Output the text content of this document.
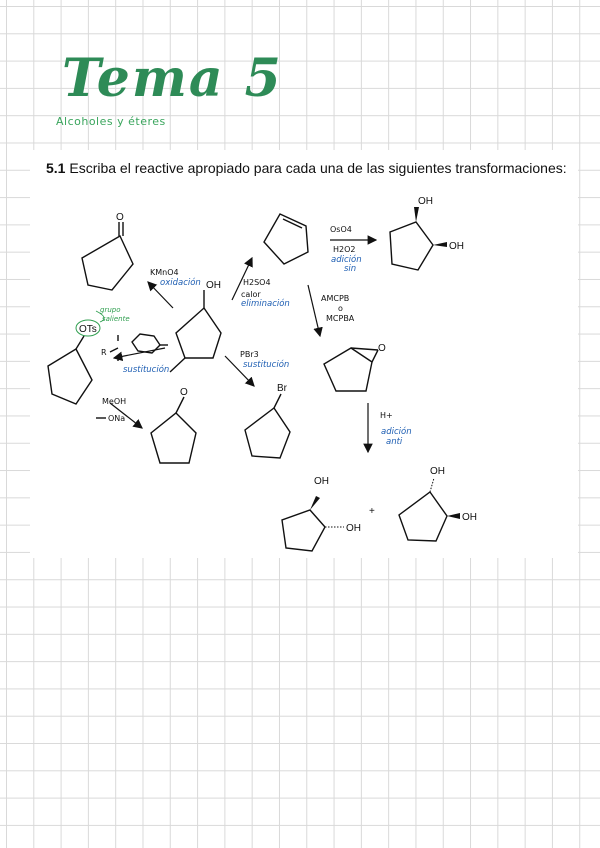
Tema 5

Alcoholes y éteres

5.1 Escriba el reactive apropiado para cada una de las siguientes transformaciones:

OH
O
KMnO4
oxidación	H2SO4
calor
eliminación
OsO4
H2O2
adición
sin
OH
OH
AMCPB
o
MCPBA
O
H+
adición
anti
OH
OH
+
OH
OH
PBr3
sustitución
Br
R
sustitución
OTs
grupo
saliente
MeOH
ONa
O
